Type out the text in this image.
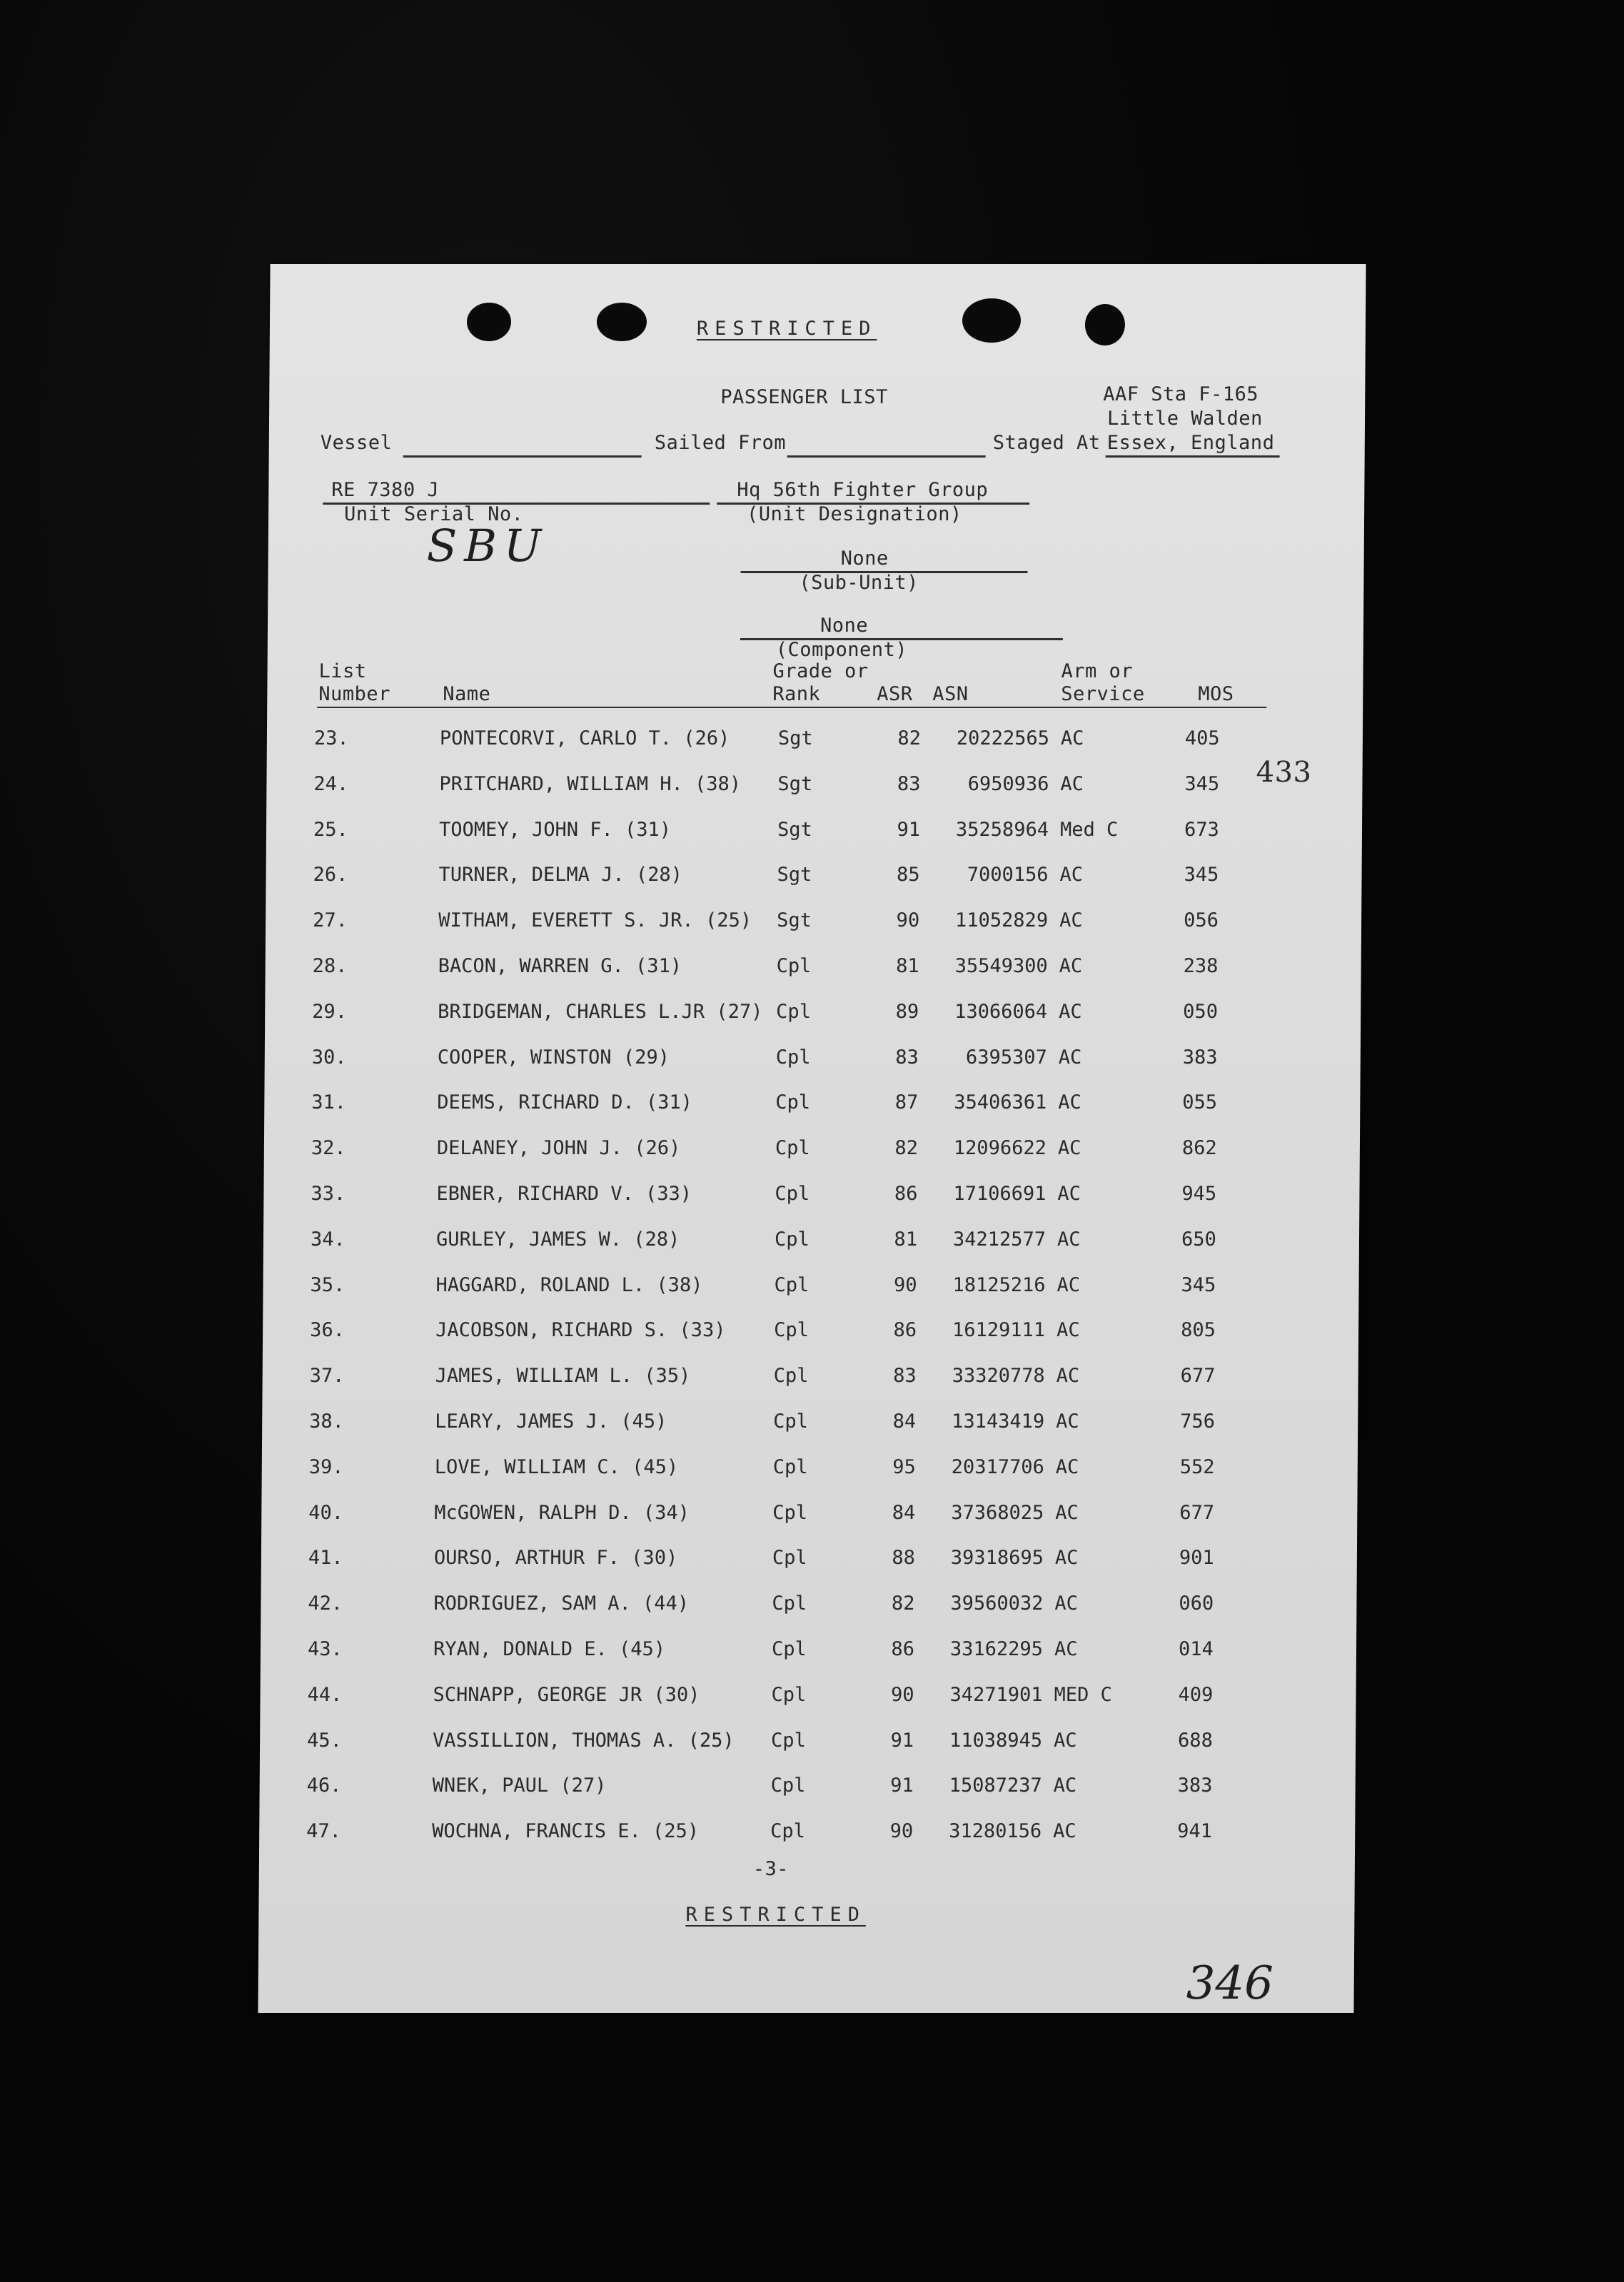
RESTRICTED
PASSENGER LIST	AAF Sta F-165
Little Walden
Essex, England
Vessel	Sailed From	Staged At
RE 7380 J
Unit Serial No.
Hq 56th Fighter Group
(Unit Designation)
SBU	None
(Sub-Unit)
None
(Component)
List
Number	Name
Grade or
Rank	ASR ASN
Arm or
Service	MOS
433
23.	PONTECORVI, CARLO T. (26) Sgt	82	20222565 AC	405
24.	PRITCHARD, WILLIAM H. (38) Sgt	83	6950936 AC	345
25.	TOOMEY, JOHN F. (31)	Sgt	91	35258964 Med C	673
26.	TURNER, DELMA J. (28)	Sgt	85	7000156 AC	345
27.	WITHAM, EVERETT S. JR. (25) Sgt	90	11052829 AC	056
28.	BACON, WARREN G. (31)	Cpl	81	35549300 AC	238
29.	BRIDGEMAN, CHARLES L.JR (27) Cpl	89	13066064 AC	050
30.	COOPER, WINSTON (29)	Cpl	83	6395307 AC	383
31.	DEEMS, RICHARD D. (31)	Cpl	87	35406361 AC	055
32.	DELANEY, JOHN J. (26)	Cpl	82	12096622 AC	862
33.	EBNER, RICHARD V. (33)	Cpl	86	17106691 AC	945
34.	GURLEY, JAMES W. (28)	Cpl	81	34212577 AC	650
35.	HAGGARD, ROLAND L. (38)	Cpl	90	18125216 AC	345
36.	JACOBSON, RICHARD S. (33) Cpl	86	16129111 AC	805
37.	JAMES, WILLIAM L. (35)	Cpl	83	33320778 AC	677
38.	LEARY, JAMES J. (45)	Cpl	84	13143419 AC	756
39.	LOVE, WILLIAM C. (45)	Cpl	95	20317706 AC	552
40.	McGOWEN, RALPH D. (34)	Cpl	84	37368025 AC	677
41.	OURSO, ARTHUR F. (30)	Cpl	88	39318695 AC	901
42.	RODRIGUEZ, SAM A. (44)	Cpl	82	39560032 AC	060
43.	RYAN, DONALD E. (45)	Cpl	86	33162295 AC	014
44.	SCHNAPP, GEORGE JR (30)	Cpl	90	34271901 MED C	409
45.	VASSILLION, THOMAS A. (25) Cpl	91	11038945 AC	688
46.	WNEK, PAUL (27)	Cpl	91	15087237 AC	383
47.	WOCHNA, FRANCIS E. (25)	Cpl	90	31280156 AC	941
-3-
RESTRICTED
346
